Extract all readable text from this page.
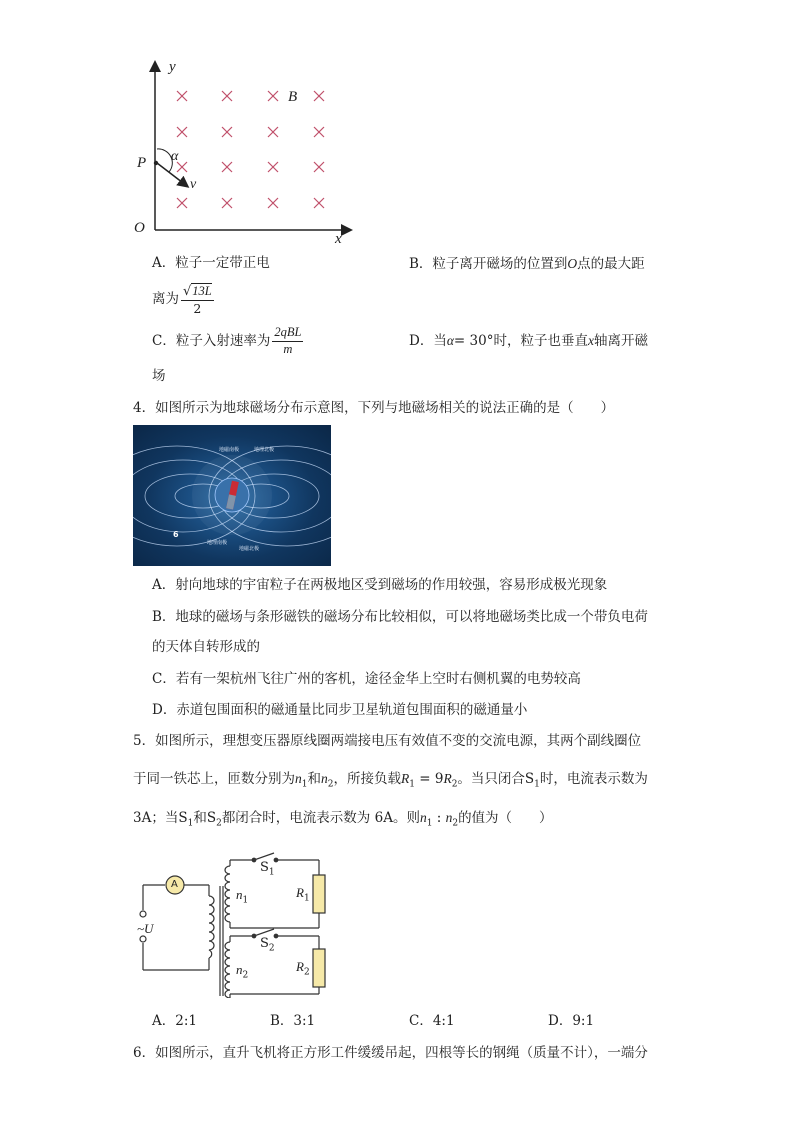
y
x
O
P
B
α
v
A．粒子一定带正电	B．粒子离开磁场的位置到O点的最大距
离为 $\frac{√13L}{2}$
C．粒子入射速率为 $\frac{\text{2qBL}}{m}$	D．当α= 30°时，粒子也垂直x轴离开磁
场
4．如图所示为地球磁场分布示意图，下列与地磁场相关的说法正确的是（　　）
地磁南极	地理北极
地理南极
地磁北极
6
A．射向地球的宇宙粒子在两极地区受到磁场的作用较强，容易形成极光现象
B．地球的磁场与条形磁铁的磁场分布比较相似，可以将地磁场类比成一个带负电荷
的天体自转形成的
C．若有一架杭州飞往广州的客机，途径金华上空时右侧机翼的电势较高
D．赤道包围面积的磁通量比同步卫星轨道包围面积的磁通量小
5．如图所示，理想变压器原线圈两端接电压有效值不变的交流电源，其两个副线圈位
于同一铁芯上，匝数分别为$n_1$和$n_2$，所接负载$R_1 = 9R_2$。当只闭合$S_1$时，电流表示数为
3A；当$S_1$和$S_2$都闭合时，电流表示数为 6A。则$n_1$ : $n_2$的值为（　　）
A
~U
$S_1$
$S_2$
$n_1$
$n_2$
$R_1$
$R_2$
A．2:1	B．3:1	C．4:1	D．9:1
6．如图所示，直升飞机将正方形工件缓缓吊起，四根等长的钢绳（质量不计），一端分
